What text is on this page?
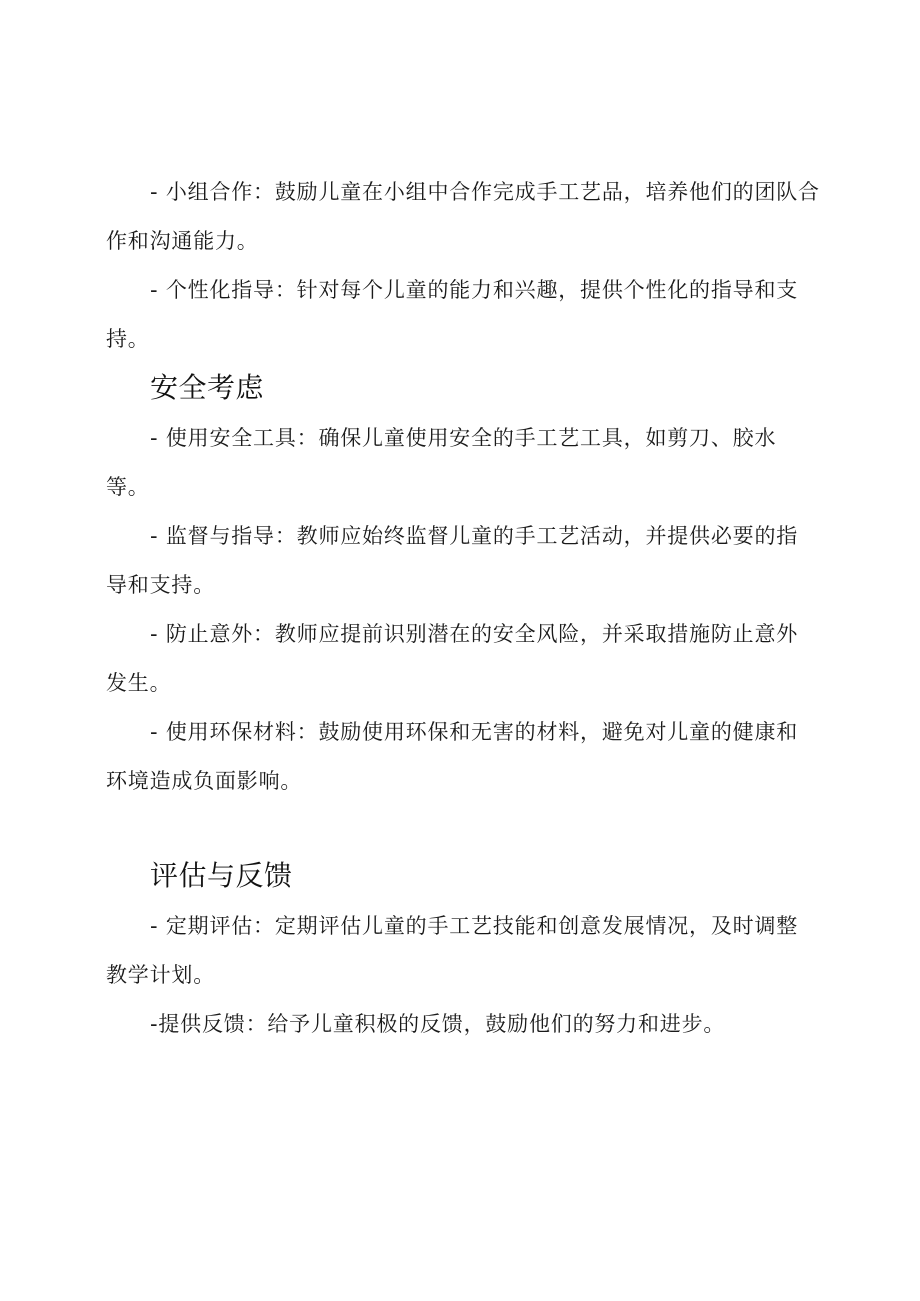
- 小组合作：鼓励儿童在小组中合作完成手工艺品，培养他们的团队合作和沟通能力。

- 个性化指导：针对每个儿童的能力和兴趣，提供个性化的指导和支持。

安全考虑

- 使用安全工具：确保儿童使用安全的手工艺工具，如剪刀、胶水等。

- 监督与指导：教师应始终监督儿童的手工艺活动，并提供必要的指导和支持。

- 防止意外：教师应提前识别潜在的安全风险，并采取措施防止意外发生。

- 使用环保材料：鼓励使用环保和无害的材料，避免对儿童的健康和环境造成负面影响。

评估与反馈

- 定期评估：定期评估儿童的手工艺技能和创意发展情况，及时调整教学计划。

-提供反馈：给予儿童积极的反馈，鼓励他们的努力和进步。
